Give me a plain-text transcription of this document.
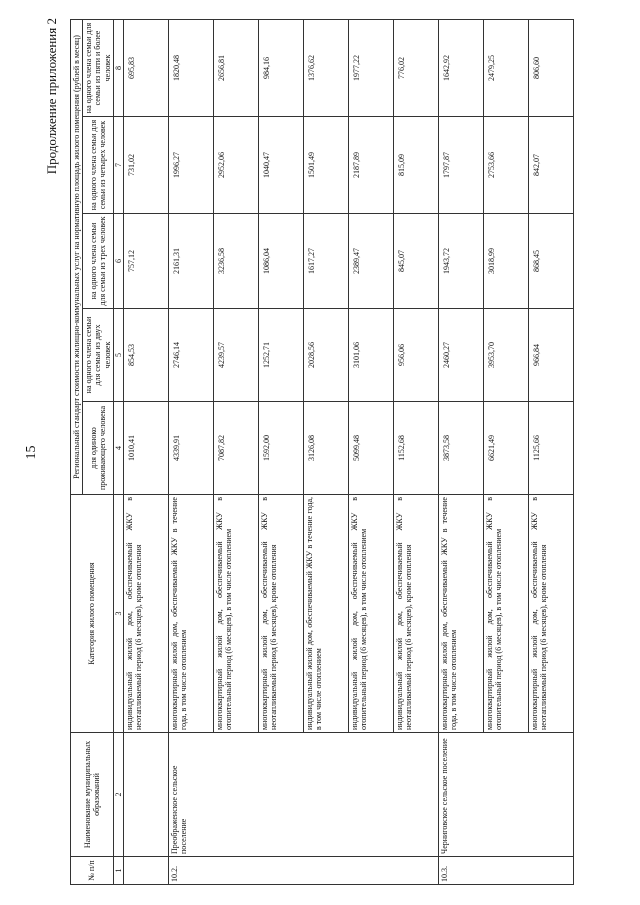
15
Продолжение приложения 2
№ п/п	Наименование муниципальных образований	Категория жилого помещения	Региональный стандарт стоимости жилищно-коммунальных услуг на нормативную площадь жилого помещения (рублей в месяц)				
			для одиноко проживающего человека	на одного члена семьи для семьи из двух человек	на одного члена семьи для семьи из трех человек	на одного члена семьи для семьи из четырех человек	на одного члена семьи для семьи из пяти и более человек
1	2	3	4	5	6	7	8
		индивидуальный жилой дом, обеспечиваемый ЖКУ в неотапливаемый период (6 месяцев), кроме отопления	1010,41	854,53	757,12	731,02	695,83
10.2.	Преображенское сельское поселение	многоквартирный жилой дом, обеспечиваемый ЖКУ в течение года, в том числе отоплением	4339,91	2746,14	2161,31	1996,27	1820,48
		многоквартирный жилой дом, обеспечиваемый ЖКУ в отопительный период (6 месяцев), в том числе отоплением	7087,82	4239,57	3236,58	2952,06	2656,81
		многоквартирный жилой дом, обеспечиваемый ЖКУ в неотапливаемый период (6 месяцев), кроме отопления	1592,00	1252,71	1086,04	1040,47	984,16
		индивидуальный жилой дом, обеспечиваемый ЖКУ в течение года, в том числе отоплением	3126,08	2028,56	1617,27	1501,49	1376,62
		индивидуальный жилой дом, обеспечиваемый ЖКУ в отопительный период (6 месяцев), в том числе отоплением	5099,48	3101,06	2389,47	2187,89	1977,22
		индивидуальный жилой дом, обеспечиваемый ЖКУ в неотапливаемый период (6 месяцев), кроме отопления	1152,68	956,06	845,07	815,09	776,02
10.3.	Черниговское сельское поселение	многоквартирный жилой дом, обеспечиваемый ЖКУ в течение года, в том числе отоплением	3873,58	2460,27	1943,72	1797,87	1642,92
		многоквартирный жилой дом, обеспечиваемый ЖКУ в отопительный период (6 месяцев), в том числе отоплением	6621,49	3953,70	3018,99	2753,66	2479,25
		многоквартирный жилой дом, обеспечиваемый ЖКУ в неотапливаемый период (6 месяцев), кроме отопления	1125,66	966,84	868,45	842,07	806,60
